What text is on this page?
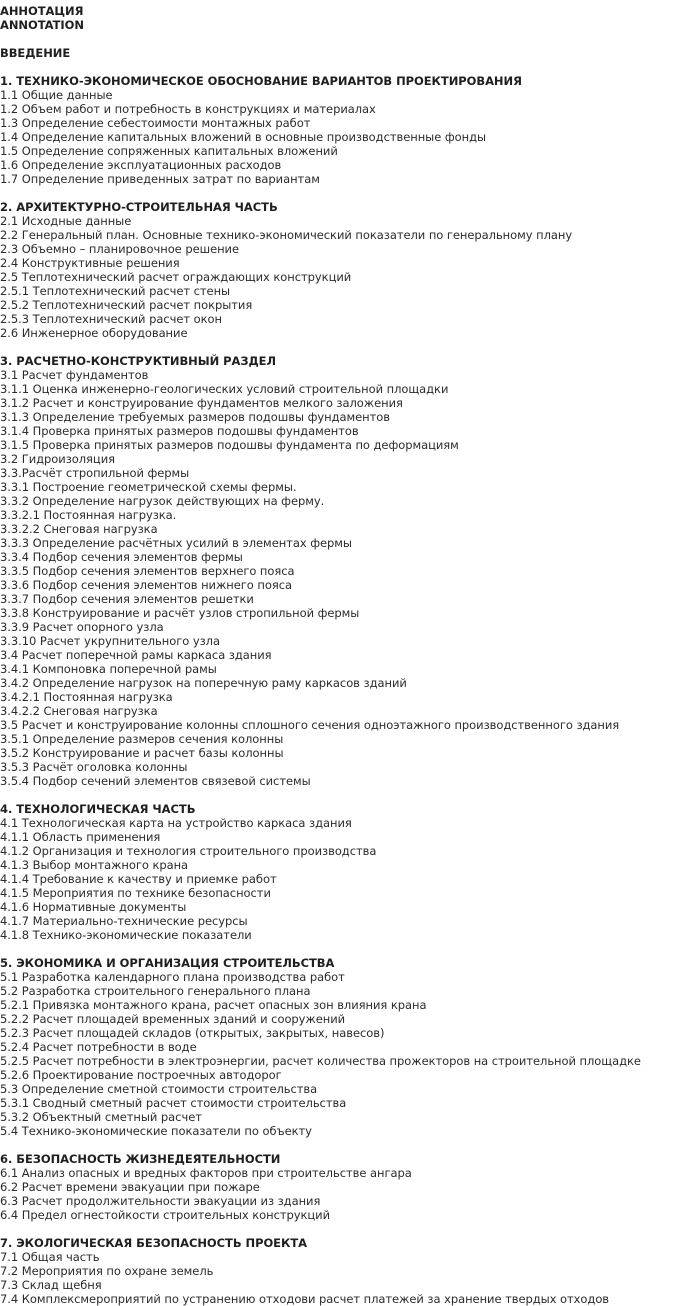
АННОТАЦИЯ
ANNOTATION
ВВЕДЕНИЕ
1. ТЕХНИКО-ЭКОНОМИЧЕСКОЕ ОБОСНОВАНИЕ ВАРИАНТОВ ПРОЕКТИРОВАНИЯ
1.1 Общие данные
1.2 Объем работ и потребность в конструкциях и материалах
1.3 Определение себестоимости монтажных работ
1.4 Определение капитальных вложений в основные производственные фонды
1.5 Определение сопряженных капитальных вложений
1.6 Определение эксплуатационных расходов
1.7 Определение приведенных затрат по вариантам
2. АРХИТЕКТУРНО-СТРОИТЕЛЬНАЯ ЧАСТЬ
2.1 Исходные данные
2.2 Генеральный план. Основные технико-экономический показатели по генеральному плану
2.3 Объемно – планировочное решение
2.4 Конструктивные решения
2.5 Теплотехнический расчет ограждающих конструкций
2.5.1 Теплотехнический расчет стены
2.5.2 Теплотехнический расчет покрытия
2.5.3 Теплотехнический расчет окон
2.6 Инженерное оборудование
3. РАСЧЕТНО-КОНСТРУКТИВНЫЙ РАЗДЕЛ
3.1 Расчет фундаментов
3.1.1 Оценка инженерно-геологических условий строительной площадки
3.1.2 Расчет и конструирование фундаментов мелкого заложения
3.1.3 Определение требуемых размеров подошвы фундаментов
3.1.4 Проверка принятых размеров подошвы фундаментов
3.1.5 Проверка принятых размеров подошвы фундамента по деформациям
3.2 Гидроизоляция
3.3.Расчёт стропильной фермы
3.3.1 Построение геометрической схемы фермы.
3.3.2 Определение нагрузок действующих на ферму.
3.3.2.1 Постоянная нагрузка.
3.3.2.2 Снеговая нагрузка
3.3.3 Определение расчётных усилий в элементах фермы
3.3.4 Подбор сечения элементов фермы
3.3.5 Подбор сечения элементов верхнего пояса
3.3.6 Подбор сечения элементов нижнего пояса
3.3.7 Подбор сечения элементов решетки
3.3.8 Конструирование и расчёт узлов стропильной фермы
3.3.9 Расчет опорного узла
3.3.10 Расчет укрупнительного узла
3.4 Расчет поперечной рамы каркаса здания
3.4.1 Компоновка поперечной рамы
3.4.2 Определение нагрузок на поперечную раму каркасов зданий
3.4.2.1 Постоянная нагрузка
3.4.2.2 Снеговая нагрузка
3.5 Расчет и конструирование колонны сплошного сечения одноэтажного производственного здания
3.5.1 Определение размеров сечения колонны
3.5.2 Конструирование и расчет базы колонны
3.5.3 Расчёт оголовка колонны
3.5.4 Подбор сечений элементов связевой системы
4. ТЕХНОЛОГИЧЕСКАЯ ЧАСТЬ
4.1 Технологическая карта на устройство каркаса здания
4.1.1 Область применения
4.1.2 Организация и технология строительного производства
4.1.3 Выбор монтажного крана
4.1.4 Требование к качеству и приемке работ
4.1.5 Мероприятия по технике безопасности
4.1.6 Нормативные документы
4.1.7 Материально-технические ресурсы
4.1.8 Технико-экономические показатели
5. ЭКОНОМИКА И ОРГАНИЗАЦИЯ СТРОИТЕЛЬСТВА
5.1 Разработка календарного плана производства работ
5.2 Разработка строительного генерального плана
5.2.1 Привязка монтажного крана, расчет опасных зон влияния крана
5.2.2 Расчет площадей временных зданий и сооружений
5.2.3 Расчет площадей складов (открытых, закрытых, навесов)
5.2.4 Расчет потребности в воде
5.2.5 Расчет потребности в электроэнергии, расчет количества прожекторов на строительной площадке
5.2.6 Проектирование построечных автодорог
5.3 Определение сметной стоимости строительства
5.3.1 Сводный сметный расчет стоимости строительства
5.3.2 Объектный сметный расчет
5.4 Технико-экономические показатели по объекту
6. БЕЗОПАСНОСТЬ ЖИЗНЕДЕЯТЕЛЬНОСТИ
6.1 Анализ опасных и вредных факторов при строительстве ангара
6.2 Расчет времени эвакуации при пожаре
6.3 Расчет продолжительности эвакуации из здания
6.4 Предел огнестойкости строительных конструкций
7. ЭКОЛОГИЧЕСКАЯ БЕЗОПАСНОСТЬ ПРОЕКТА
7.1 Общая часть
7.2 Мероприятия по охране земель
7.3 Склад щебня
7.4 Комплексмероприятий по устранению отходови расчет платежей за хранение твердых отходов
